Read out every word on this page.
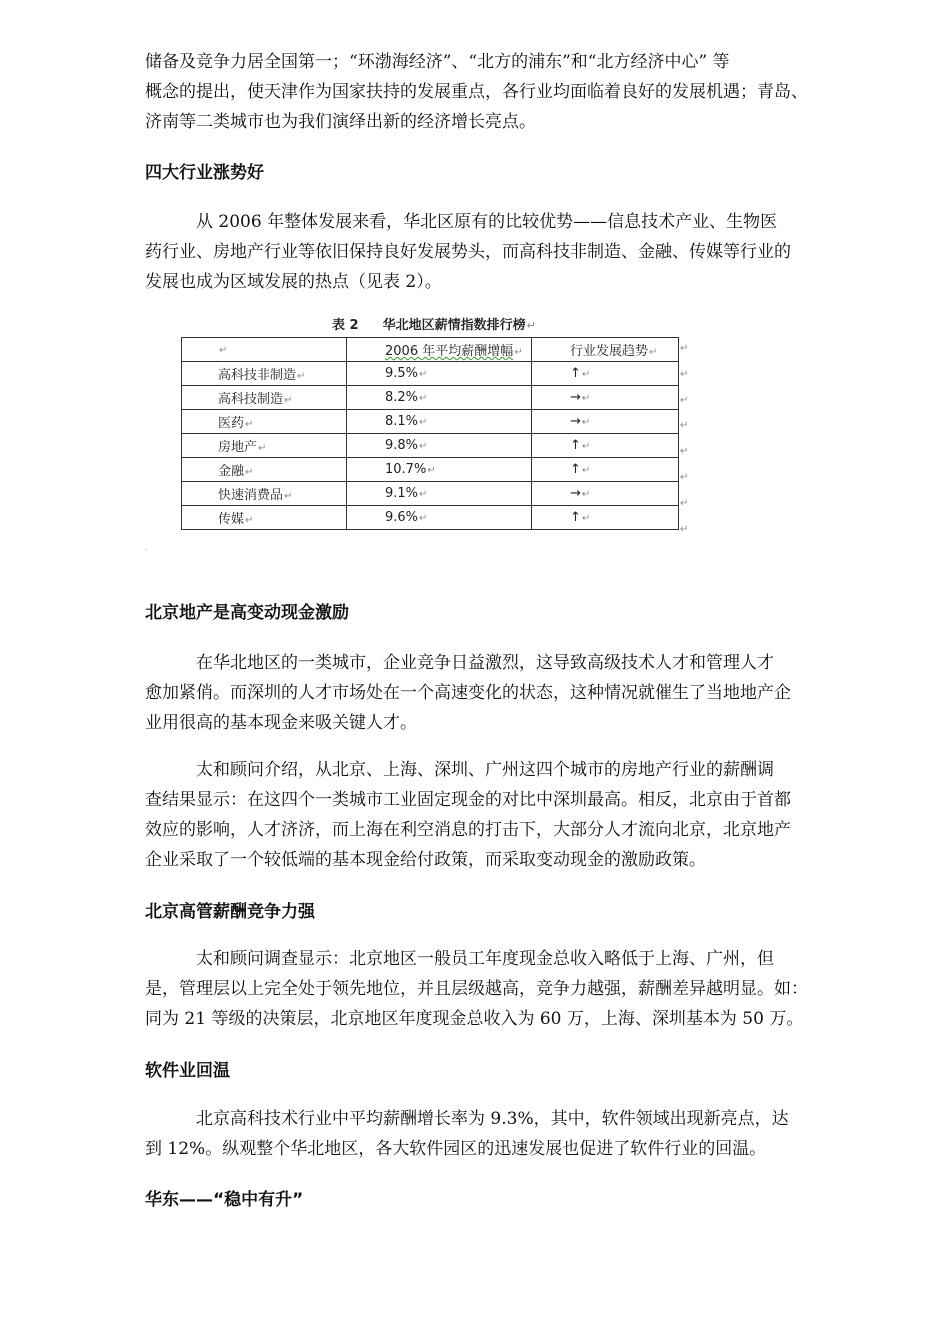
储备及竞争力居全国第一；“环渤海经济”、“北方的浦东”和“北方经济中心” 等
概念的提出，使天津作为国家扶持的发展重点，各行业均面临着良好的发展机遇；青岛、
济南等二类城市也为我们演绎出新的经济增长亮点。
四大行业涨势好
　　　从 2006 年整体发展来看，华北区原有的比较优势——信息技术产业、生物医
药行业、房地产行业等依旧保持良好发展势头，而高科技非制造、金融、传媒等行业的
发展也成为区域发展的热点（见表 2）。
表 2 华北地区薪情指数排行榜↵
↵	2006 年平均薪酬增幅↵	行业发展趋势↵
高科技非制造↵	9.5%↵	↑↵
高科技制造↵	8.2%↵	→↵
医药↵	8.1%↵	→↵
房地产↵	9.8%↵	↑↵
金融↵	10.7%↵	↑↵
快速消费品↵	9.1%↵	→↵
传媒↵	9.6%↵	↑↵
↵
↵
↵
↵
↵
↵
↵
↵
ˈ
北京地产是高变动现金激励
　　　在华北地区的一类城市，企业竞争日益激烈，这导致高级技术人才和管理人才
愈加紧俏。而深圳的人才市场处在一个高速变化的状态，这种情况就催生了当地地产企
业用很高的基本现金来吸关键人才。
　　　太和顾问介绍，从北京、上海、深圳、广州这四个城市的房地产行业的薪酬调
查结果显示：在这四个一类城市工业固定现金的对比中深圳最高。相反，北京由于首都
效应的影响，人才济济，而上海在利空消息的打击下，大部分人才流向北京，北京地产
企业采取了一个较低端的基本现金给付政策，而采取变动现金的激励政策。
北京高管薪酬竞争力强
　　　太和顾问调查显示：北京地区一般员工年度现金总收入略低于上海、广州，但
是，管理层以上完全处于领先地位，并且层级越高，竞争力越强，薪酬差异越明显。如：
同为 21 等级的决策层，北京地区年度现金总收入为 60 万，上海、深圳基本为 50 万。
软件业回温
　　　北京高科技术行业中平均薪酬增长率为 9.3%，其中，软件领域出现新亮点，达
到 12%。纵观整个华北地区，各大软件园区的迅速发展也促进了软件行业的回温。
华东——“稳中有升”
